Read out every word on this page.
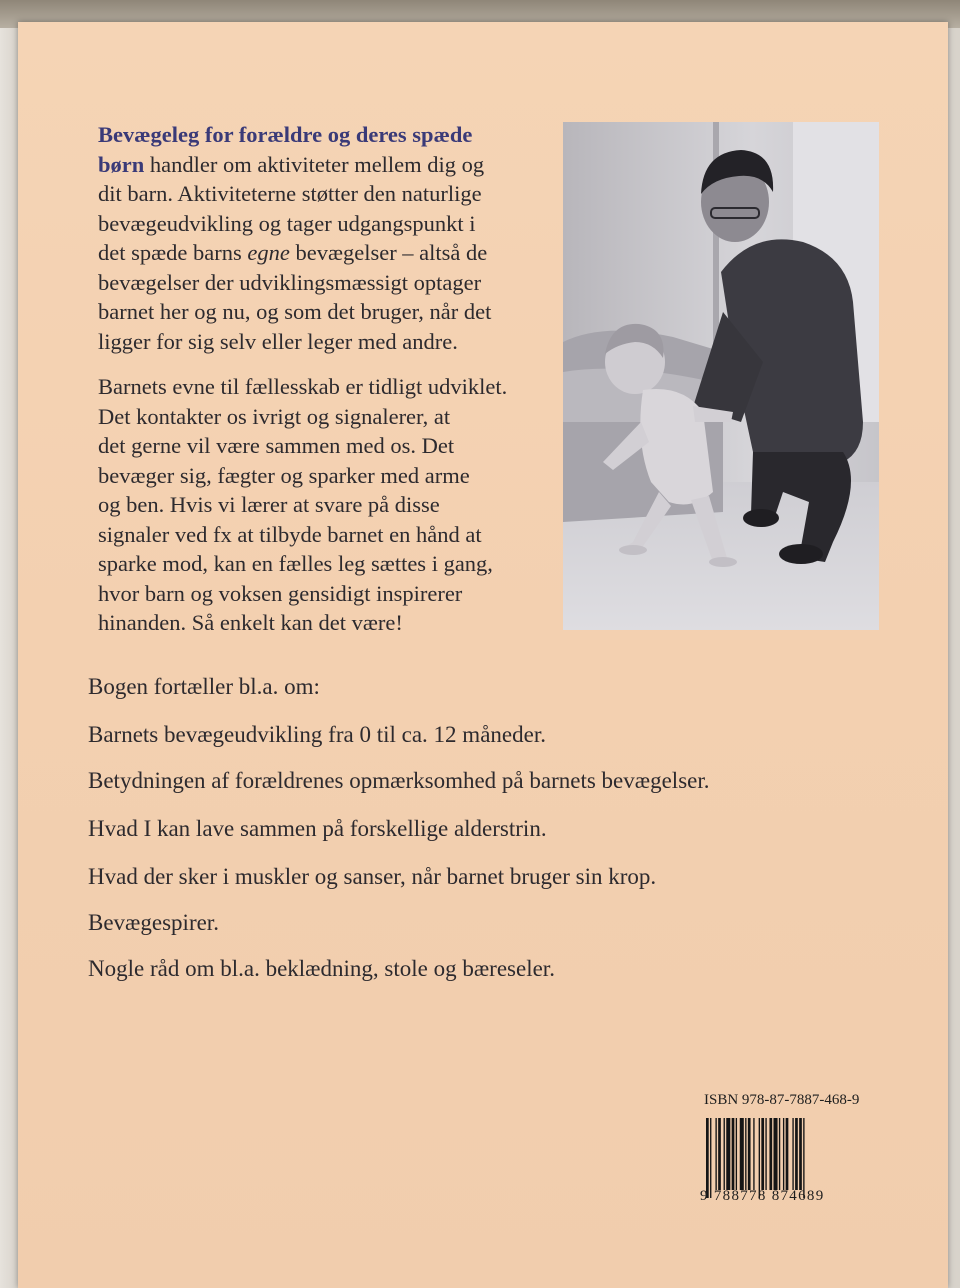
Bevægeleg for forældre og deres spæde
børn handler om aktiviteter mellem dig og
dit barn. Aktiviteterne støtter den naturlige
bevægeudvikling og tager udgangspunkt i
det spæde barns egne bevægelser – altså de
bevægelser der udviklingsmæssigt optager
barnet her og nu, og som det bruger, når det
ligger for sig selv eller leger med andre.

Barnets evne til fællesskab er tidligt udviklet.
Det kontakter os ivrigt og signalerer, at
det gerne vil være sammen med os. Det
bevæger sig, fægter og sparker med arme
og ben. Hvis vi lærer at svare på disse
signaler ved fx at tilbyde barnet en hånd at
sparke mod, kan en fælles leg sættes i gang,
hvor barn og voksen gensidigt inspirerer
hinanden. Så enkelt kan det være!

Bogen fortæller bl.a. om:

Barnets bevægeudvikling fra 0 til ca. 12 måneder.

Betydningen af forældrenes opmærksomhed på barnets bevægelser.

Hvad I kan lave sammen på forskellige alderstrin.

Hvad der sker i muskler og sanser, når barnet bruger sin krop.

Bevægespirer.

Nogle råd om bl.a. beklædning, stole og bæreseler.

ISBN 978-87-7887-468-9
9 788778 874689
